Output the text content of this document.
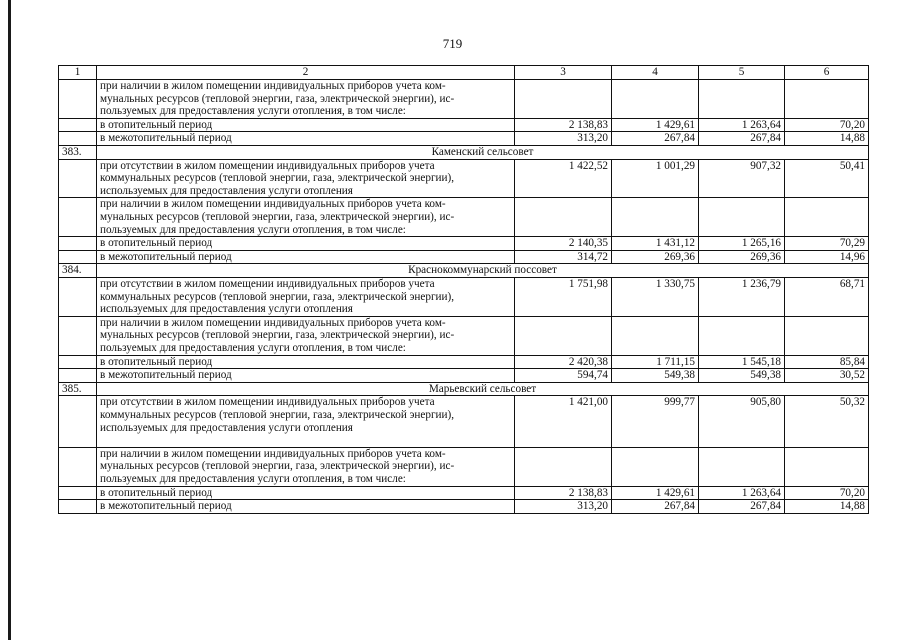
719
1	2	3	4	5	6
	при наличии в жилом помещении индивидуальных приборов учета ком-
мунальных ресурсов (тепловой энергии, газа, электрической энергии), ис-
пользуемых для предоставления услуги отопления, в том числе:				
	в отопительный период	2 138,83	1 429,61	1 263,64	70,20
	в межотопительный период	313,20	267,84	267,84	14,88
383.	Каменский сельсовет				
	при отсутствии в жилом помещении индивидуальных приборов учета
коммунальных ресурсов (тепловой энергии, газа, электрической энергии),
используемых для предоставления услуги отопления	1 422,52	1 001,29	907,32	50,41
	при наличии в жилом помещении индивидуальных приборов учета ком-
мунальных ресурсов (тепловой энергии, газа, электрической энергии), ис-
пользуемых для предоставления услуги отопления, в том числе:				
	в отопительный период	2 140,35	1 431,12	1 265,16	70,29
	в межотопительный период	314,72	269,36	269,36	14,96
384.	Краснокоммунарский поссовет				
	при отсутствии в жилом помещении индивидуальных приборов учета
коммунальных ресурсов (тепловой энергии, газа, электрической энергии),
используемых для предоставления услуги отопления	1 751,98	1 330,75	1 236,79	68,71
	при наличии в жилом помещении индивидуальных приборов учета ком-
мунальных ресурсов (тепловой энергии, газа, электрической энергии), ис-
пользуемых для предоставления услуги отопления, в том числе:				
	в отопительный период	2 420,38	1 711,15	1 545,18	85,84
	в межотопительный период	594,74	549,38	549,38	30,52
385.	Марьевский сельсовет				
	при отсутствии в жилом помещении индивидуальных приборов учета
коммунальных ресурсов (тепловой энергии, газа, электрической энергии),
используемых для предоставления услуги отопления	1 421,00	999,77	905,80	50,32
	при наличии в жилом помещении индивидуальных приборов учета ком-
мунальных ресурсов (тепловой энергии, газа, электрической энергии), ис-
пользуемых для предоставления услуги отопления, в том числе:				
	в отопительный период	2 138,83	1 429,61	1 263,64	70,20
	в межотопительный период	313,20	267,84	267,84	14,88
